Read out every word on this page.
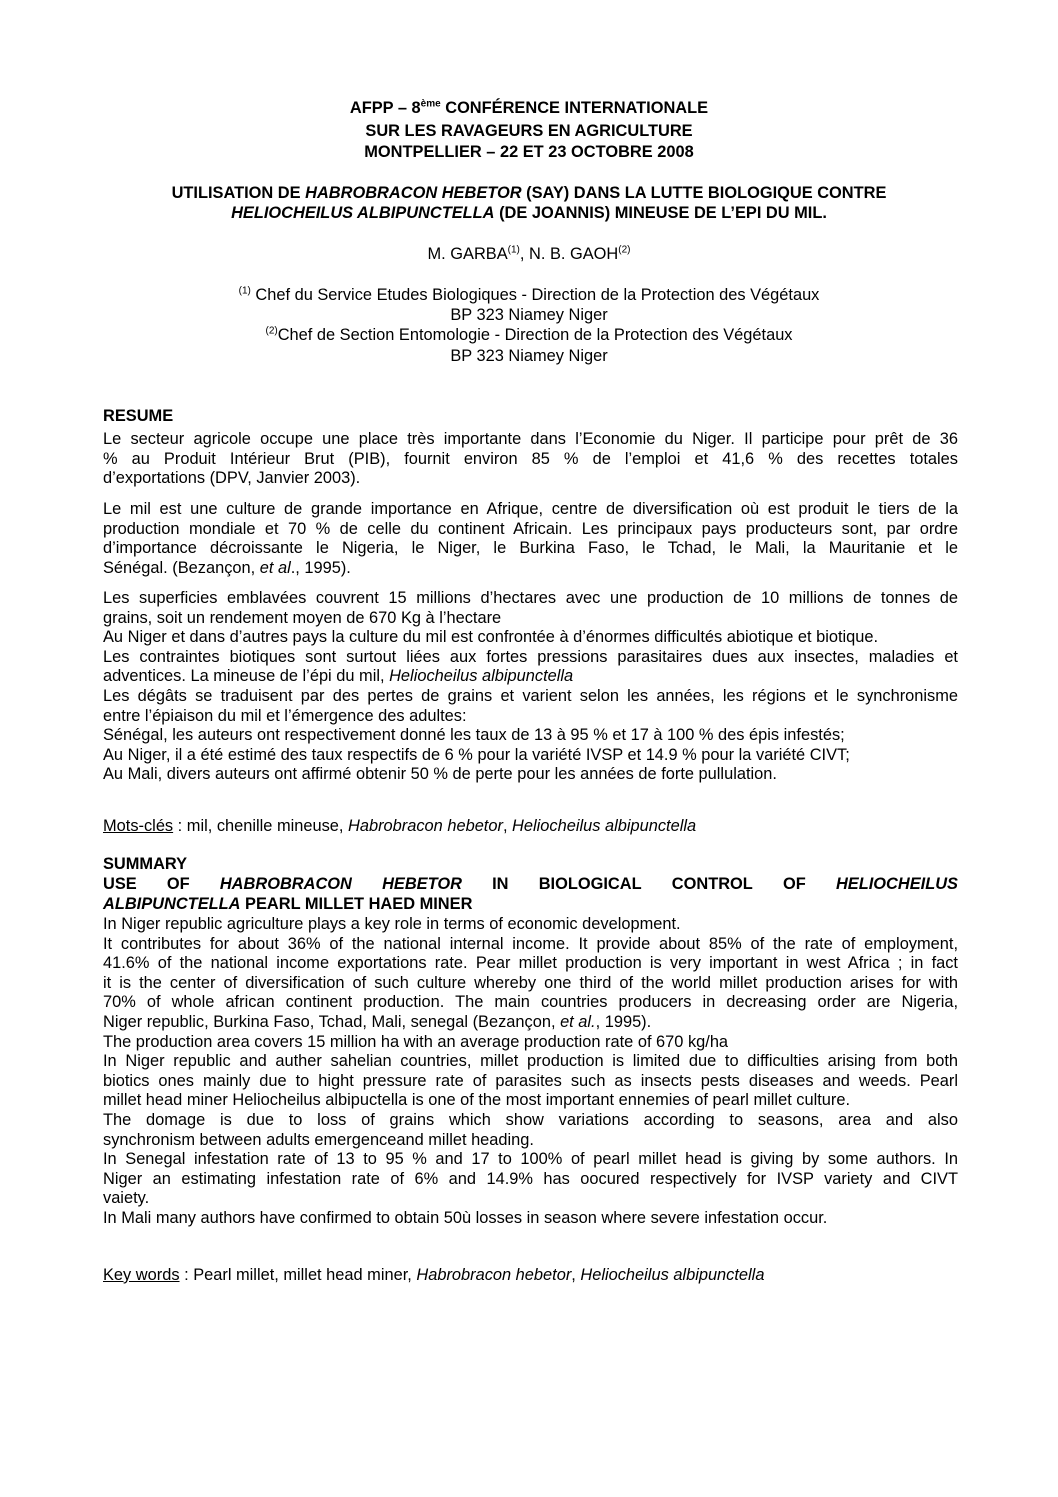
AFPP – 8ème CONFÉRENCE INTERNATIONALE
SUR LES RAVAGEURS EN AGRICULTURE
MONTPELLIER – 22 ET 23 OCTOBRE 2008
UTILISATION DE HABROBRACON HEBETOR (SAY) DANS LA LUTTE BIOLOGIQUE CONTRE
HELIOCHEILUS ALBIPUNCTELLA (DE JOANNIS) MINEUSE DE L’EPI DU MIL.
M. GARBA$^{(1)}$, N. B. GAOH$^{(2)}$
$^{(1)}$ Chef du Service Etudes Biologiques - Direction de la Protection des Végétaux
BP 323 Niamey Niger
$^{(2)}$Chef de Section Entomologie - Direction de la Protection des Végétaux
BP 323 Niamey Niger
RESUME
Le secteur agricole occupe une place très importante dans l’Economie du Niger. Il participe pour prêt de 36
% au Produit Intérieur Brut (PIB), fournit environ 85 % de l’emploi et 41,6 % des recettes totales
d’exportations (DPV, Janvier 2003).
Le mil est une culture de grande importance en Afrique, centre de diversification où est produit le tiers de la
production mondiale et 70 % de celle du continent Africain. Les principaux pays producteurs sont, par ordre
d’importance décroissante le Nigeria, le Niger, le Burkina Faso, le Tchad, le Mali, la Mauritanie et le
Sénégal. (Bezançon, et al., 1995).
Les superficies emblavées couvrent 15 millions d’hectares avec une production de 10 millions de tonnes de
grains, soit un rendement moyen de 670 Kg à l’hectare
Au Niger et dans d’autres pays la culture du mil est confrontée à d’énormes difficultés abiotique et biotique.
Les contraintes biotiques sont surtout liées aux fortes pressions parasitaires dues aux insectes, maladies et
adventices. La mineuse de l’épi du mil, Heliocheilus albipunctella
Les dégâts se traduisent par des pertes de grains et varient selon les années, les régions et le synchronisme
entre l’épiaison du mil et l’émergence des adultes:
Sénégal, les auteurs ont respectivement donné les taux de 13 à 95 % et 17 à 100 % des épis infestés;
Au Niger, il a été estimé des taux respectifs de 6 % pour la variété IVSP et 14.9 % pour la variété CIVT;
Au Mali, divers auteurs ont affirmé obtenir 50 % de perte pour les années de forte pullulation.
Mots-clés : mil, chenille mineuse, Habrobracon hebetor, Heliocheilus albipunctella
SUMMARY
USE OF HABROBRACON HEBETOR IN BIOLOGICAL CONTROL OF HELIOCHEILUS
ALBIPUNCTELLA PEARL MILLET HAED MINER
In Niger republic agriculture plays a key role in terms of economic development.
It contributes for about 36% of the national internal income. It provide about 85% of the rate of employment,
41.6% of the national income exportations rate. Pear millet production is very important in west Africa ; in fact
it is the center of diversification of such culture whereby one third of the world millet production arises for with
70% of whole african continent production. The main countries producers in decreasing order are Nigeria,
Niger republic, Burkina Faso, Tchad, Mali, senegal (Bezançon, et al., 1995).
The production area covers 15 million ha with an average production rate of 670 kg/ha
In Niger republic and auther sahelian countries, millet production is limited due to difficulties arising from both
biotics ones mainly due to hight pressure rate of parasites such as insects pests diseases and weeds. Pearl
millet head miner Heliocheilus albipuctella is one of the most important ennemies of pearl millet culture.
The domage is due to loss of grains which show variations according to seasons, area and also
synchronism between adults emergenceand millet heading.
In Senegal infestation rate of 13 to 95 % and 17 to 100% of pearl millet head is giving by some authors. In
Niger an estimating infestation rate of 6% and 14.9% has oocured respectively for IVSP variety and CIVT
vaiety.
In Mali many authors have confirmed to obtain 50ù losses in season where severe infestation occur.
Key words : Pearl millet, millet head miner, Habrobracon hebetor, Heliocheilus albipunctella
